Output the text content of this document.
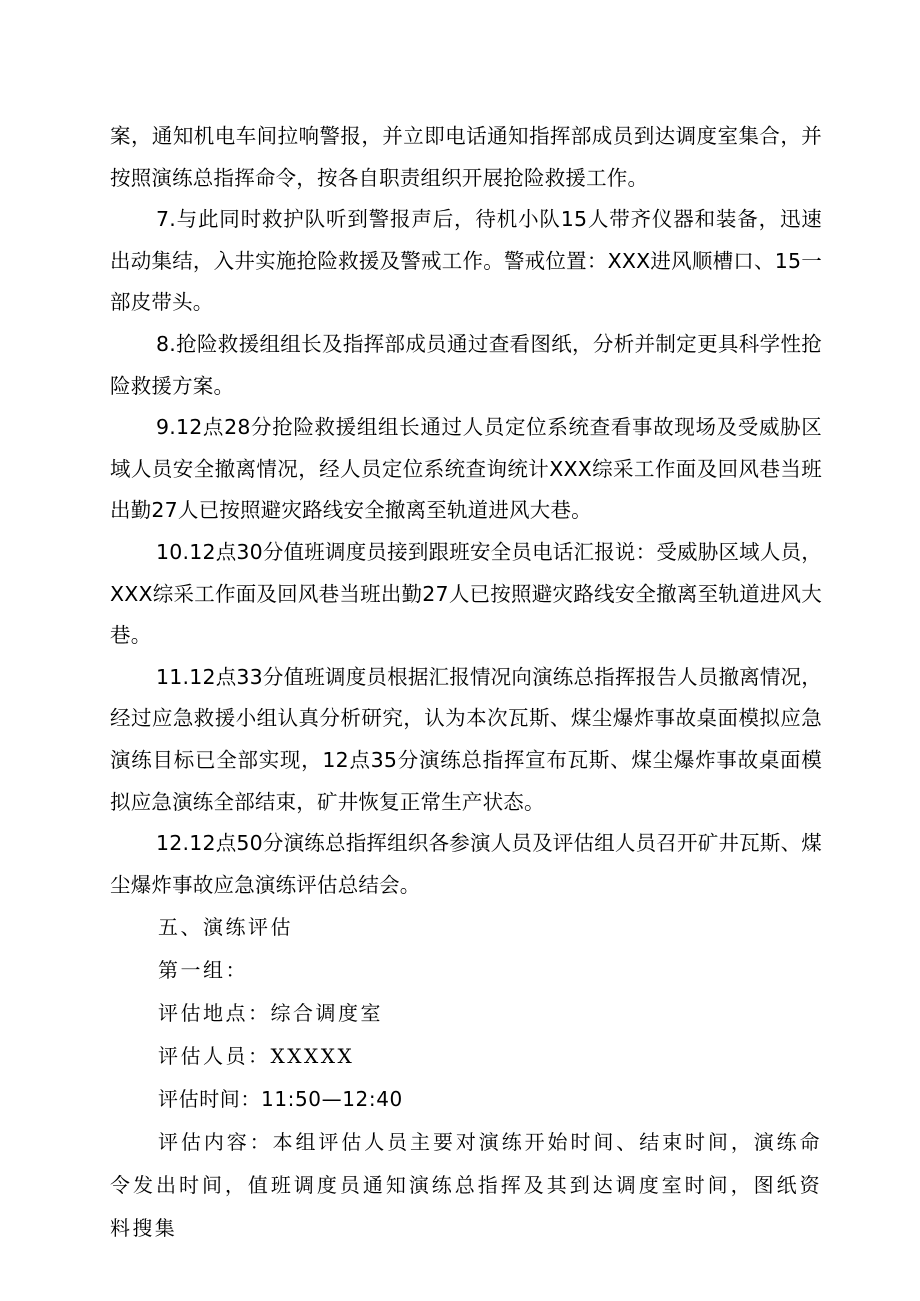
案，通知机电车间拉响警报，并立即电话通知指挥部成员到达调度室集合，并按照演练总指挥命令，按各自职责组织开展抢险救援工作。

7.与此同时救护队听到警报声后，待机小队15人带齐仪器和装备，迅速出动集结，入井实施抢险救援及警戒工作。警戒位置：XXX进风顺槽口、15一部皮带头。

8.抢险救援组组长及指挥部成员通过查看图纸，分析并制定更具科学性抢险救援方案。

9.12点28分抢险救援组组长通过人员定位系统查看事故现场及受威胁区域人员安全撤离情况，经人员定位系统查询统计XXX综采工作面及回风巷当班出勤27人已按照避灾路线安全撤离至轨道进风大巷。

10.12点30分值班调度员接到跟班安全员电话汇报说：受威胁区域人员，XXX综采工作面及回风巷当班出勤27人已按照避灾路线安全撤离至轨道进风大巷。

11.12点33分值班调度员根据汇报情况向演练总指挥报告人员撤离情况，经过应急救援小组认真分析研究，认为本次瓦斯、煤尘爆炸事故桌面模拟应急演练目标已全部实现，12点35分演练总指挥宣布瓦斯、煤尘爆炸事故桌面模拟应急演练全部结束，矿井恢复正常生产状态。

12.12点50分演练总指挥组织各参演人员及评估组人员召开矿井瓦斯、煤尘爆炸事故应急演练评估总结会。

五、演练评估

第一组：

评估地点：综合调度室

评估人员：XXXXX

评估时间：11:50—12:40

评估内容：本组评估人员主要对演练开始时间、结束时间，演练命令发出时间，值班调度员通知演练总指挥及其到达调度室时间，图纸资料搜集
